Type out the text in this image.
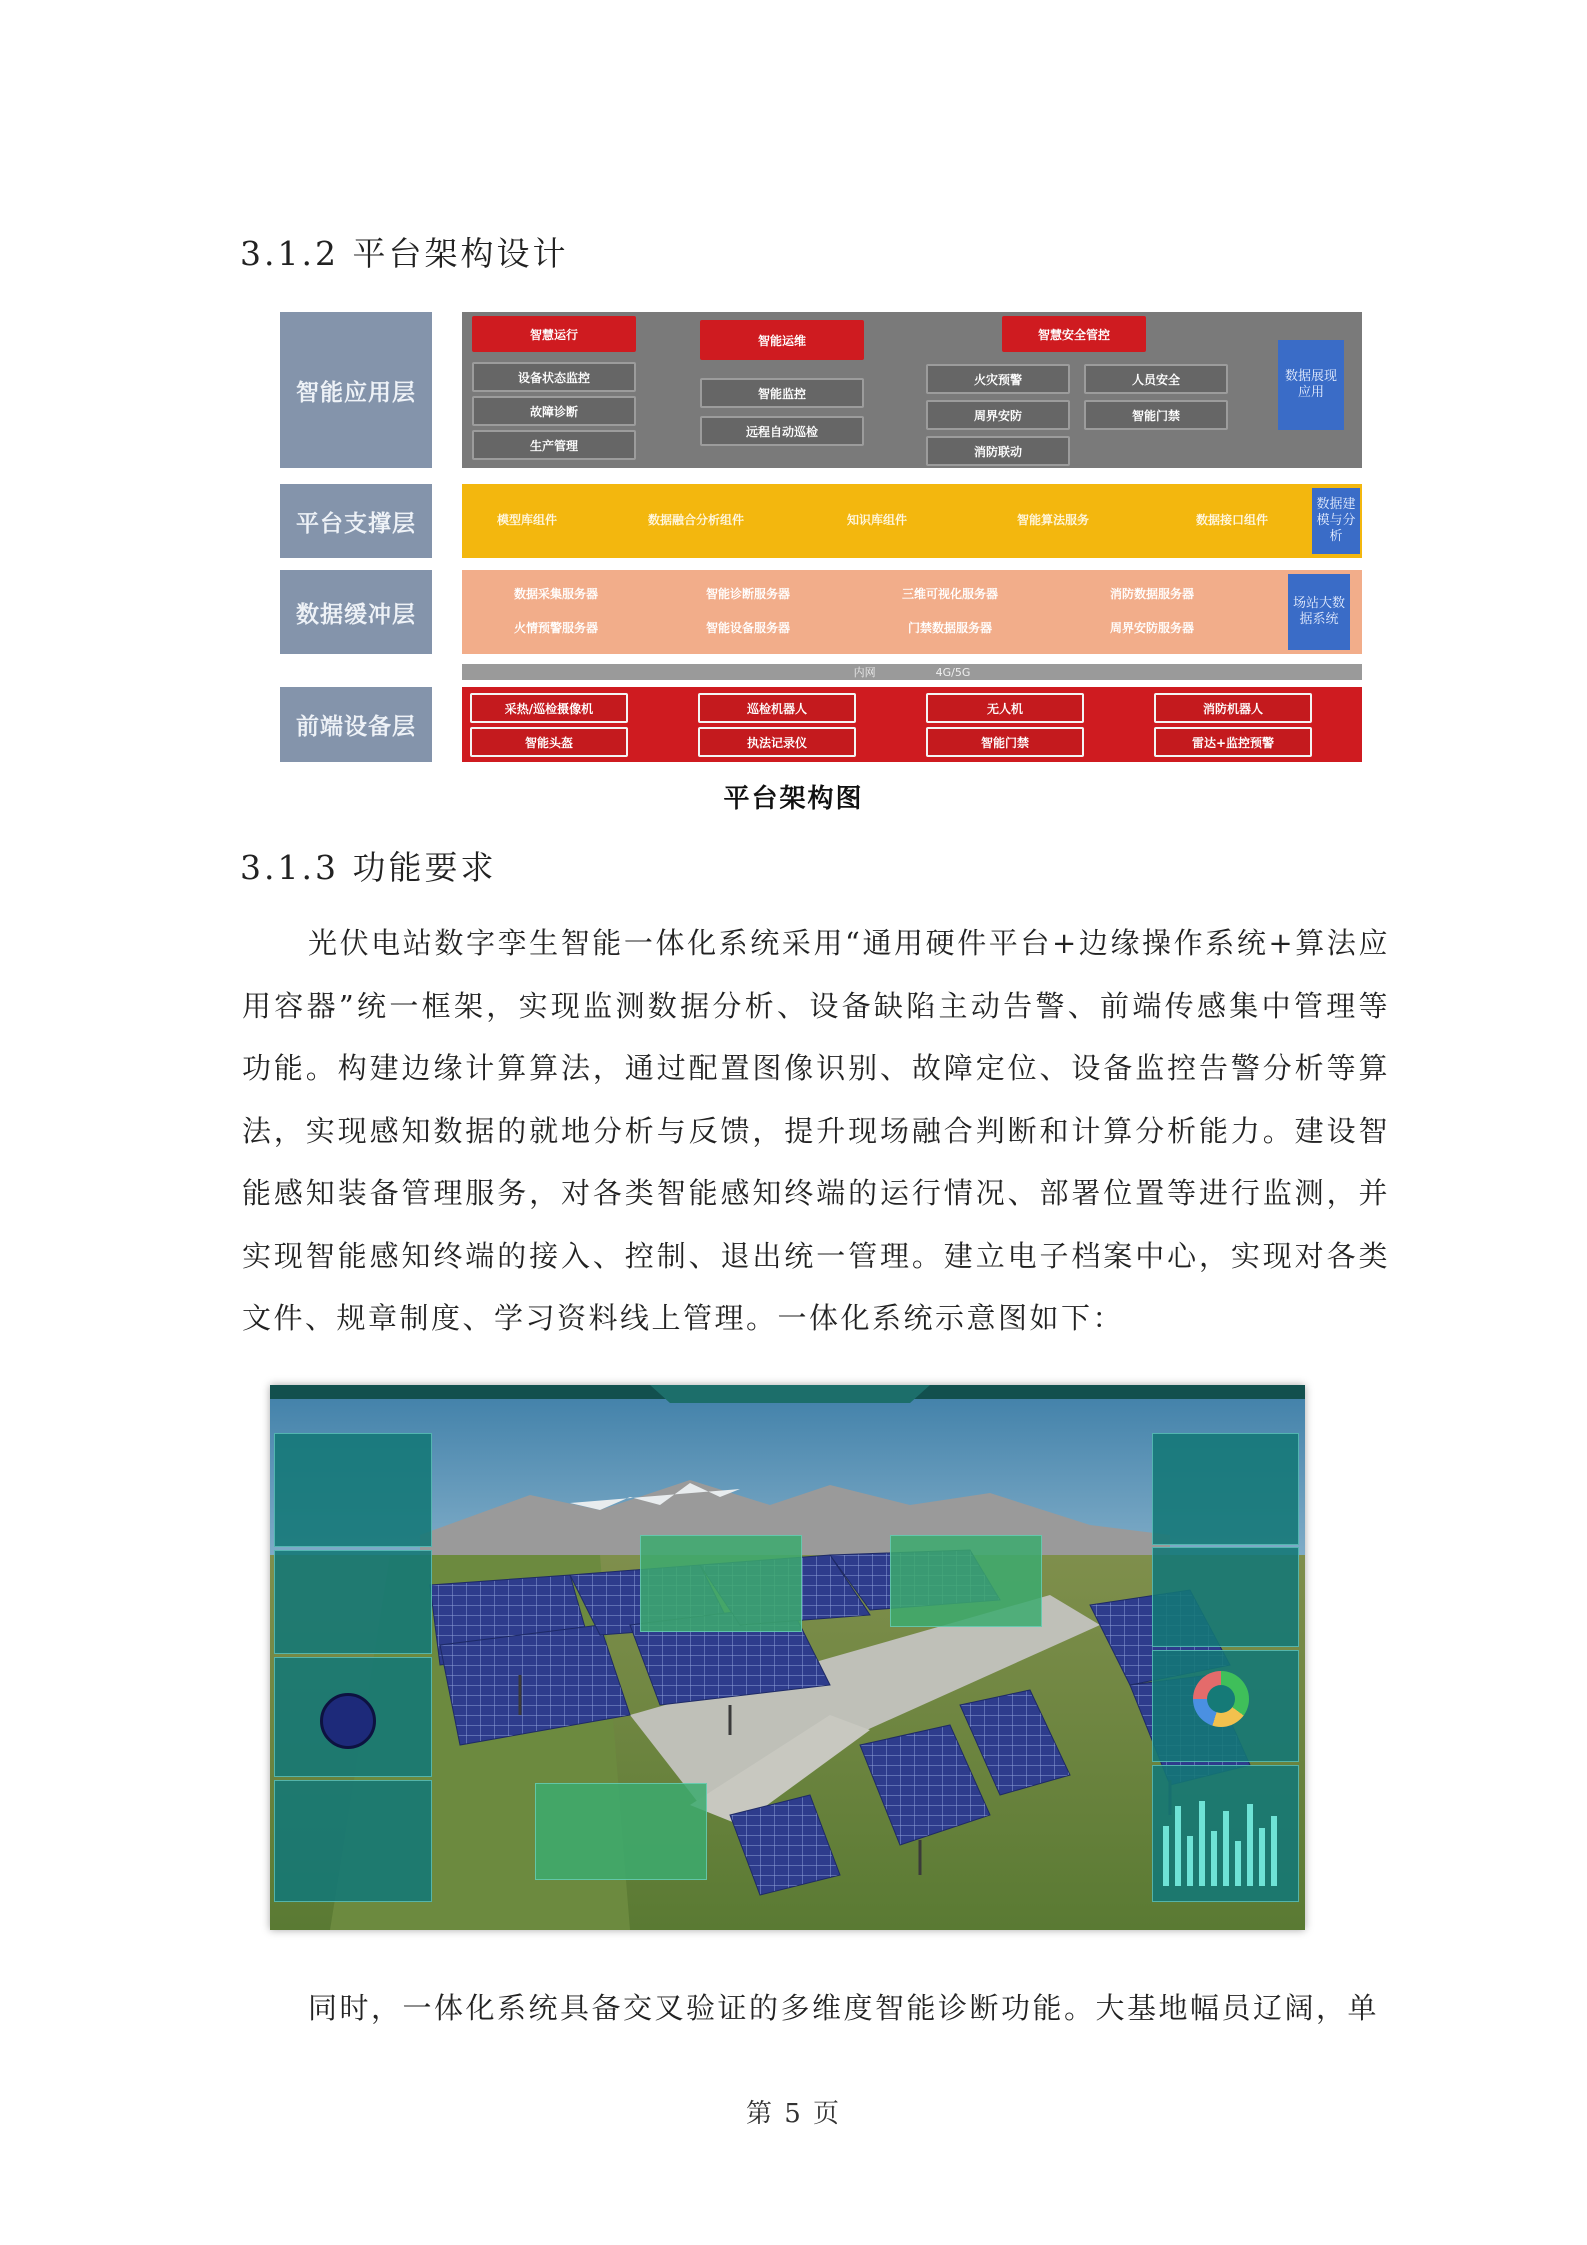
3.1.2 平台架构设计
智能应用层
平台支撑层
数据缓冲层
前端设备层
智慧运行
设备状态监控
故障诊断
生产管理
智能运维
智能监控
远程自动巡检
智慧安全管控
火灾预警	人员安全
周界安防	智能门禁
消防联动
数据展现应用
模型库组件	数据融合分析组件	知识库组件	智能算法服务	数据接口组件
数据建模与分析
数据采集服务器	智能诊断服务器	三维可视化服务器	消防数据服务器
火情预警服务器	智能设备服务器	门禁数据服务器	周界安防服务器
场站大数据系统
内网	4G/5G
采热/巡检摄像机	巡检机器人	无人机	消防机器人
智能头盔	执法记录仪	智能门禁	雷达+监控预警

平台架构图

3.1.3 功能要求

光伏电站数字孪生智能一体化系统采用“通用硬件平台+边缘操作系统+算法应用容器”统一框架，实现监测数据分析、设备缺陷主动告警、前端传感集中管理等功能。构建边缘计算算法，通过配置图像识别、故障定位、设备监控告警分析等算法，实现感知数据的就地分析与反馈，提升现场融合判断和计算分析能力。建设智能感知装备管理服务，对各类智能感知终端的运行情况、部署位置等进行监测，并实现智能感知终端的接入、控制、退出统一管理。建立电子档案中心，实现对各类文件、规章制度、学习资料线上管理。一体化系统示意图如下：

同时，一体化系统具备交叉验证的多维度智能诊断功能。大基地幅员辽阔，单

第 5 页
